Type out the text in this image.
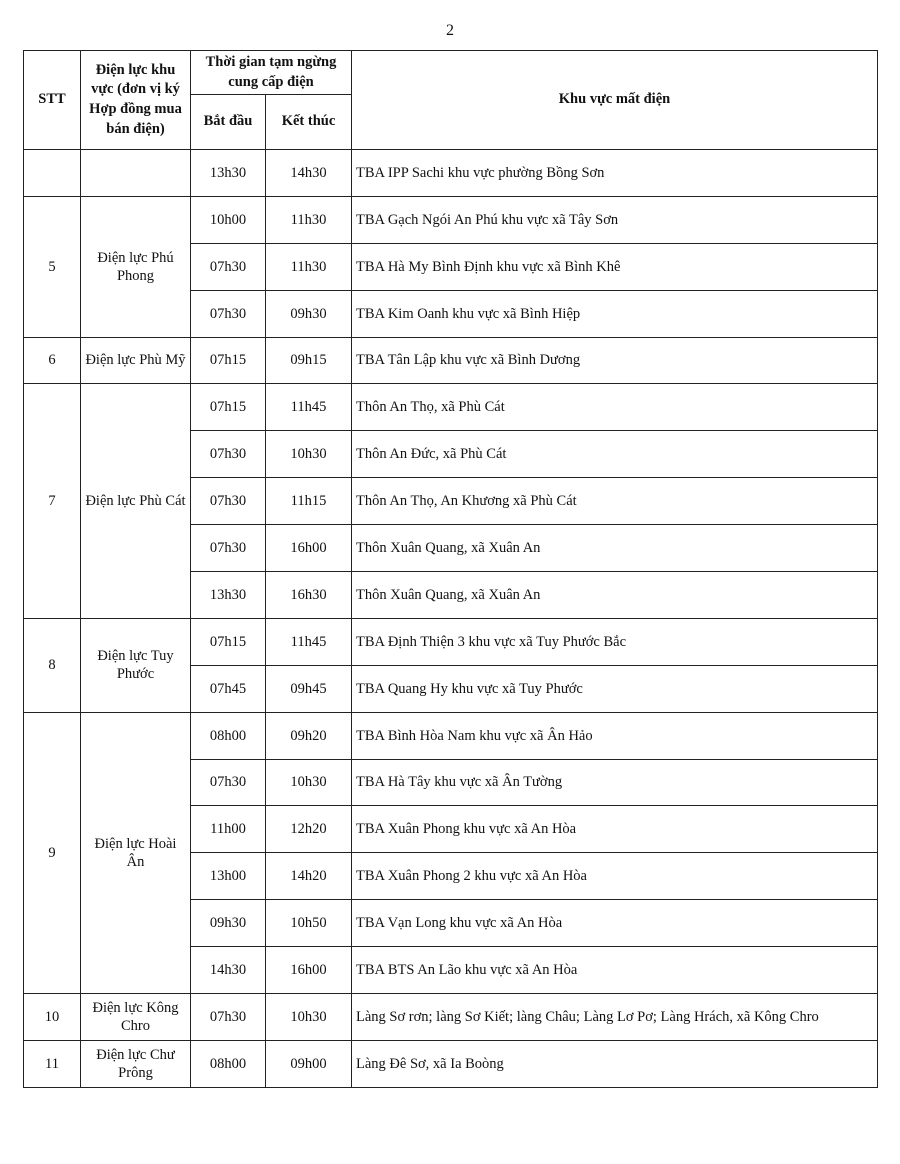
2
STT	Điện lực khu vực (đơn vị ký Hợp đồng mua bán điện)	Thời gian tạm ngừng cung cấp điện		Khu vực mất điện
		Bắt đầu	Kết thúc	
		13h30	14h30	TBA IPP Sachi khu vực phường Bồng Sơn
5	Điện lực Phú Phong	10h00	11h30	TBA Gạch Ngói An Phú khu vực xã Tây Sơn
		07h30	11h30	TBA Hà My Bình Định khu vực xã Bình Khê
		07h30	09h30	TBA Kim Oanh khu vực xã Bình Hiệp
6	Điện lực Phù Mỹ	07h15	09h15	TBA Tân Lập khu vực xã Bình Dương
7	Điện lực Phù Cát	07h15	11h45	Thôn An Thọ, xã Phù Cát
		07h30	10h30	Thôn An Đức, xã Phù Cát
		07h30	11h15	Thôn An Thọ, An Khương xã Phù Cát
		07h30	16h00	Thôn Xuân Quang, xã Xuân An
		13h30	16h30	Thôn Xuân Quang, xã Xuân An
8	Điện lực Tuy Phước	07h15	11h45	TBA Định Thiện 3 khu vực xã Tuy Phước Bắc
		07h45	09h45	TBA Quang Hy khu vực xã Tuy Phước
9	Điện lực Hoài Ân	08h00	09h20	TBA Bình Hòa Nam khu vực xã Ân Hảo
		07h30	10h30	TBA Hà Tây khu vực xã Ân Tường
		11h00	12h20	TBA Xuân Phong khu vực xã An Hòa
		13h00	14h20	TBA Xuân Phong 2 khu vực xã An Hòa
		09h30	10h50	TBA Vạn Long khu vực xã An Hòa
		14h30	16h00	TBA BTS An Lão khu vực xã An Hòa
10	Điện lực Kông Chro	07h30	10h30	Làng Sơ rơn; làng Sơ Kiết; làng Châu; Làng Lơ Pơ; Làng Hrách, xã Kông Chro
11	Điện lực Chư Prông	08h00	09h00	Làng Đê Sơ, xã Ia Boòng
